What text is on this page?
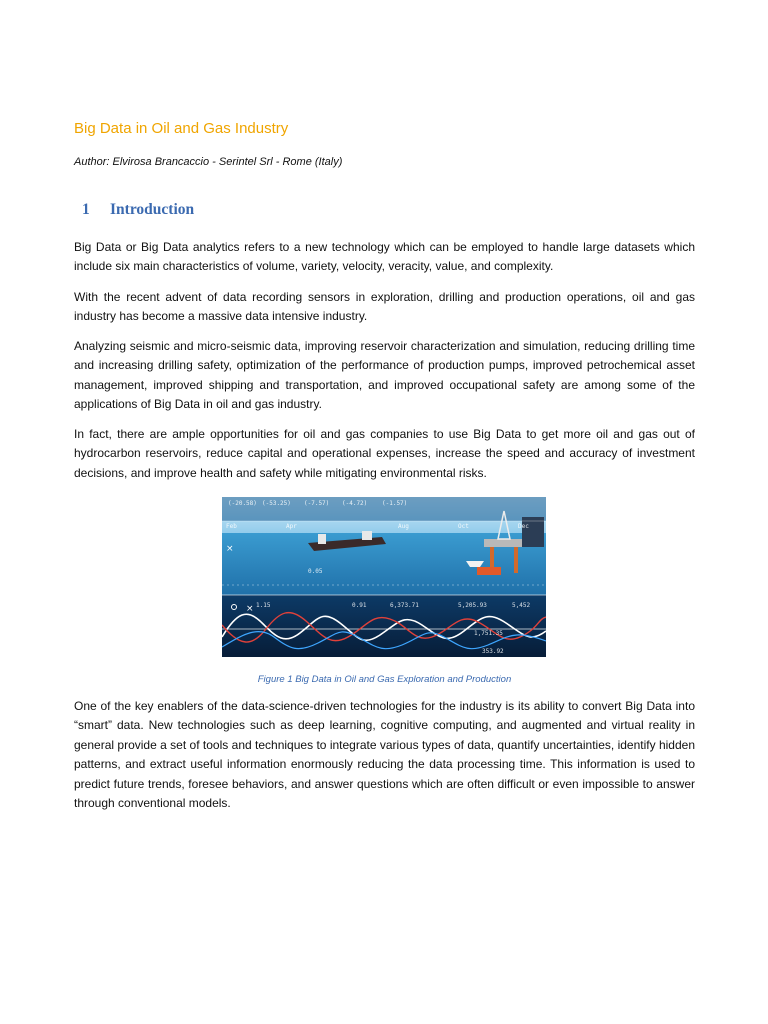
Big Data in Oil and Gas Industry
Author: Elvirosa Brancaccio - Serintel Srl - Rome (Italy)
1 Introduction

Big Data or Big Data analytics refers to a new technology which can be employed to handle large datasets which include six main characteristics of volume, variety, velocity, veracity, value, and complexity.

With the recent advent of data recording sensors in exploration, drilling and production operations, oil and gas industry has become a massive data intensive industry.

Analyzing seismic and micro-seismic data, improving reservoir characterization and simulation, reducing drilling time and increasing drilling safety, optimization of the performance of production pumps, improved petrochemical asset management, improved shipping and transportation, and improved occupational safety are among some of the applications of Big Data in oil and gas industry.

In fact, there are ample opportunities for oil and gas companies to use Big Data to get more oil and gas out of hydrocarbon reservoirs, reduce capital and operational expenses, increase the speed and accuracy of investment decisions, and improve health and safety while mitigating environmental risks.

(-20.58) (-53.25) (-7.57) (-4.72) (-1.57)
Feb	Apr	Aug	Oct	Dec
0.91	6,373.71	5,205.93	5,452
1,751.35
353.92
1.15
0.05
×
×
Figure 1 Big Data in Oil and Gas Exploration and Production

One of the key enablers of the data-science-driven technologies for the industry is its ability to convert Big Data into “smart” data. New technologies such as deep learning, cognitive computing, and augmented and virtual reality in general provide a set of tools and techniques to integrate various types of data, quantify uncertainties, identify hidden patterns, and extract useful information enormously reducing the data processing time. This information is used to predict future trends, foresee behaviors, and answer questions which are often difficult or even impossible to answer through conventional models.
